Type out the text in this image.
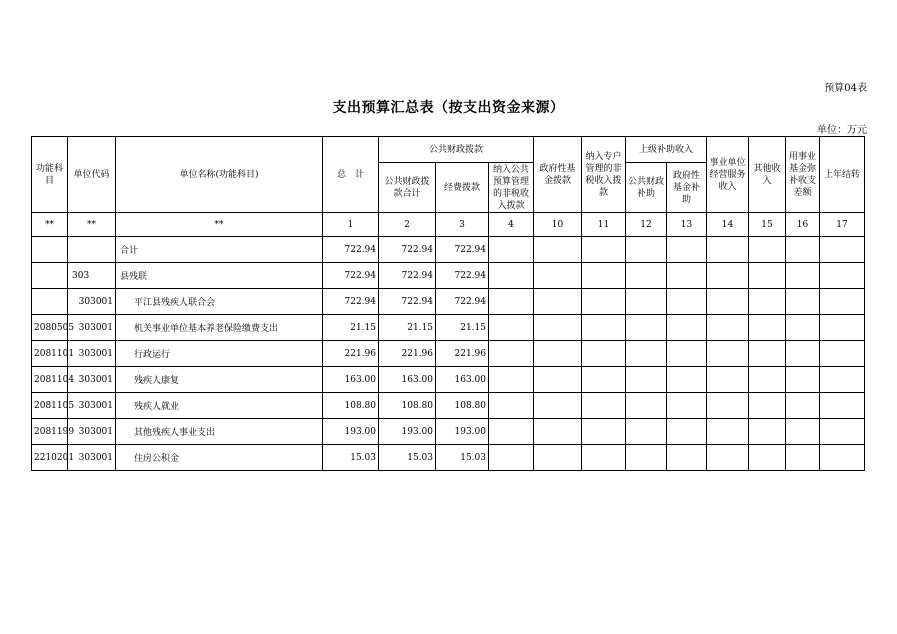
预算04表
支出预算汇总表（按支出资金来源）
单位：万元
功能科目	单位代码	单位名称(功能科目)	总　计	公共财政拨款			政府性基金拨款	纳入专户管理的非税收入拨款	上级补助收入		事业单位经营服务收入	其他收入	用事业基金弥补收支差额	上年结转
				公共财政拨款合计	经费拨款	纳入公共预算管理的非税收入拨款			公共财政补助	政府性基金补助				

**	**	**	1	2	3	4	10	11	12	13	14	15	16	17
		合计	722.94	722.94	722.94									
	303	县残联	722.94	722.94	722.94									
	303001	平江县残疾人联合会	722.94	722.94	722.94									
2080505	303001	机关事业单位基本养老保险缴费支出	21.15	21.15	21.15									
2081101	303001	行政运行	221.96	221.96	221.96									
2081104	303001	残疾人康复	163.00	163.00	163.00									
2081105	303001	残疾人就业	108.80	108.80	108.80									
2081199	303001	其他残疾人事业支出	193.00	193.00	193.00									
2210201	303001	住房公积金	15.03	15.03	15.03									
